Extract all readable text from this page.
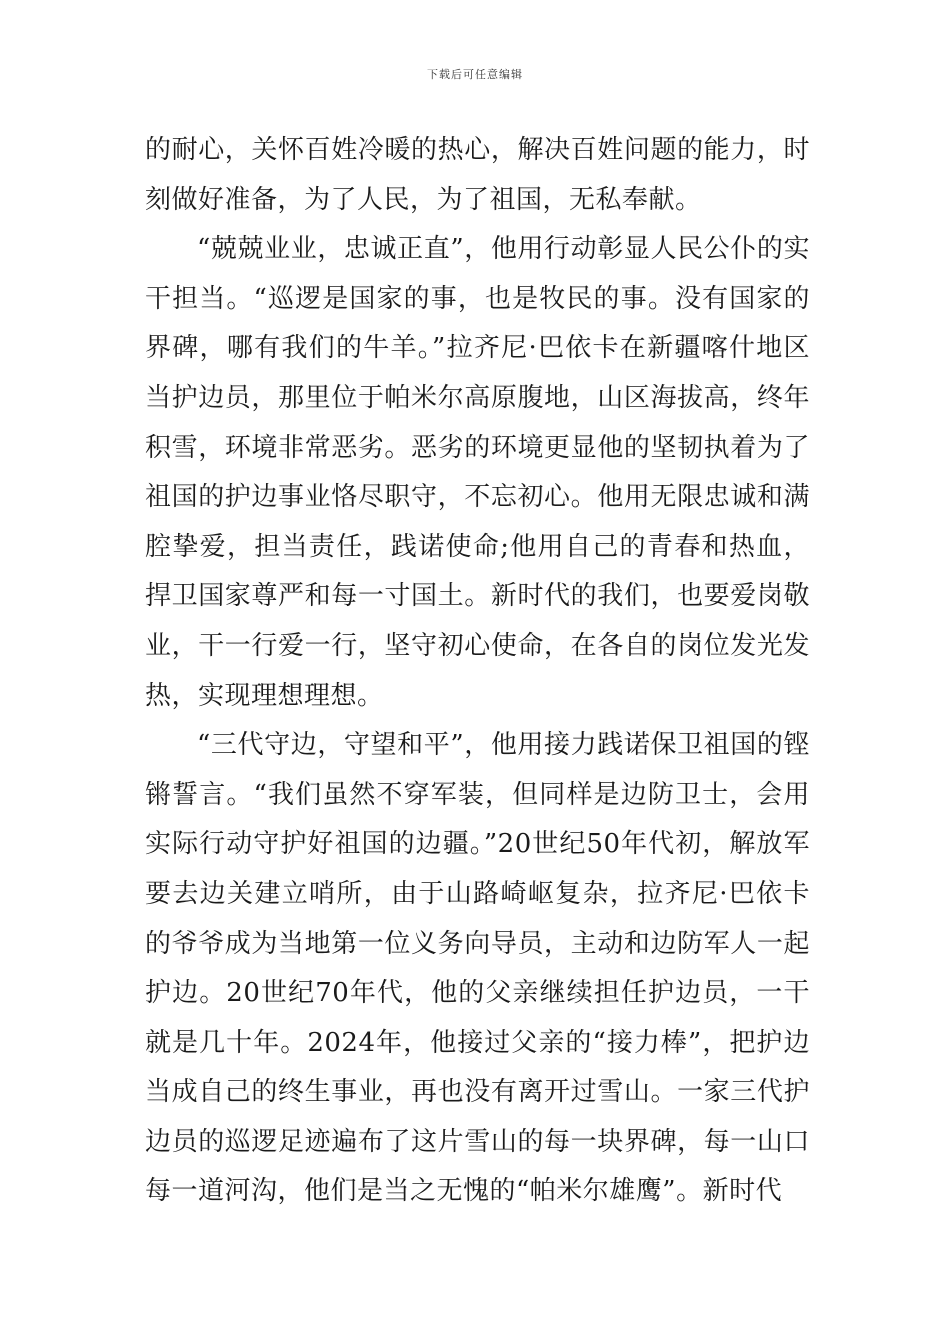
下载后可任意编辑

的耐心，关怀百姓冷暖的热心，解决百姓问题的能力，时刻做好准备，为了人民，为了祖国，无私奉献。

“兢兢业业，忠诚正直”，他用行动彰显人民公仆的实干担当。“巡逻是国家的事，也是牧民的事。没有国家的界碑，哪有我们的牛羊。”拉齐尼·巴依卡在新疆喀什地区当护边员，那里位于帕米尔高原腹地，山区海拔高，终年积雪，环境非常恶劣。恶劣的环境更显他的坚韧执着为了祖国的护边事业恪尽职守，不忘初心。他用无限忠诚和满腔挚爱，担当责任，践诺使命;他用自己的青春和热血，捍卫国家尊严和每一寸国土。新时代的我们，也要爱岗敬业，干一行爱一行，坚守初心使命，在各自的岗位发光发热，实现理想理想。

“三代守边，守望和平”，他用接力践诺保卫祖国的铿锵誓言。“我们虽然不穿军装，但同样是边防卫士，会用实际行动守护好祖国的边疆。”20世纪50年代初，解放军要去边关建立哨所，由于山路崎岖复杂，拉齐尼·巴依卡的爷爷成为当地第一位义务向导员，主动和边防军人一起护边。20世纪70年代，他的父亲继续担任护边员，一干就是几十年。2024年，他接过父亲的“接力棒”，把护边当成自己的终生事业，再也没有离开过雪山。一家三代护边员的巡逻足迹遍布了这片雪山的每一块界碑，每一山口每一道河沟，他们是当之无愧的“帕米尔雄鹰”。新时代
